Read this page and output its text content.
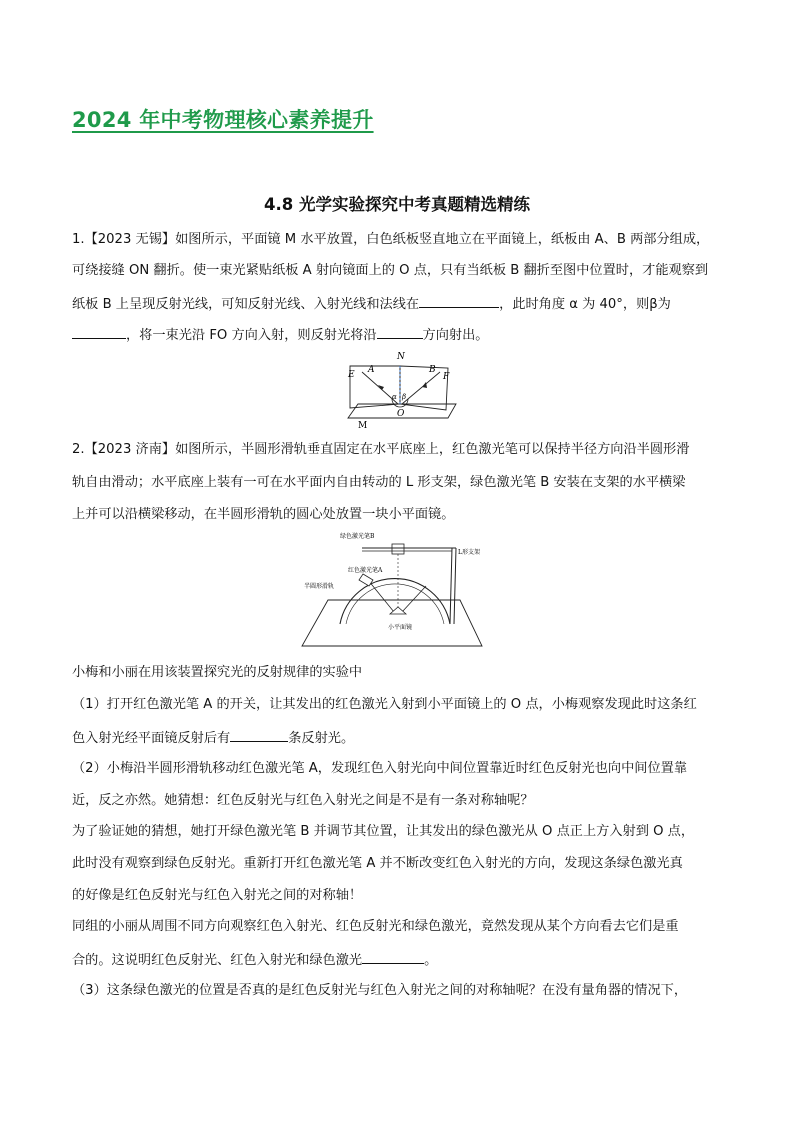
2024 年中考物理核心素养提升
4.8 光学实验探究中考真题精选精练

1.【2023 无锡】如图所示，平面镜 M 水平放置，白色纸板竖直地立在平面镜上，纸板由 A、B 两部分组成，

可绕接缝 ON 翻折。使一束光紧贴纸板 A 射向镜面上的 O 点，只有当纸板 B 翻折至图中位置时，才能观察到

纸板 B 上呈现反射光线，可知反射光线、入射光线和法线在	，此时角度 α 为 40°，则β为

，将一束光沿 FO 方向入射，则反射光将沿	方向射出。

N
E A	B
F
α β
O
M

2.【2023 济南】如图所示，半圆形滑轨垂直固定在水平底座上，红色激光笔可以保持半径方向沿半圆形滑

轨自由滑动；水平底座上装有一可在水平面内自由转动的 L 形支架，绿色激光笔 B 安装在支架的水平横梁

上并可以沿横梁移动，在半圆形滑轨的圆心处放置一块小平面镜。

绿色激光笔B
L形支架
红色激光笔A
半圆形滑轨
小平面镜

小梅和小丽在用该装置探究光的反射规律的实验中

（1）打开红色激光笔 A 的开关，让其发出的红色激光入射到小平面镜上的 O 点，小梅观察发现此时这条红

色入射光经平面镜反射后有	条反射光。

（2）小梅沿半圆形滑轨移动红色激光笔 A，发现红色入射光向中间位置靠近时红色反射光也向中间位置靠

近，反之亦然。她猜想：红色反射光与红色入射光之间是不是有一条对称轴呢？

为了验证她的猜想，她打开绿色激光笔 B 并调节其位置，让其发出的绿色激光从 O 点正上方入射到 O 点，

此时没有观察到绿色反射光。重新打开红色激光笔 A 并不断改变红色入射光的方向，发现这条绿色激光真

的好像是红色反射光与红色入射光之间的对称轴！

同组的小丽从周围不同方向观察红色入射光、红色反射光和绿色激光，竟然发现从某个方向看去它们是重

合的。这说明红色反射光、红色入射光和绿色激光	。

（3）这条绿色激光的位置是否真的是红色反射光与红色入射光之间的对称轴呢？在没有量角器的情况下，
